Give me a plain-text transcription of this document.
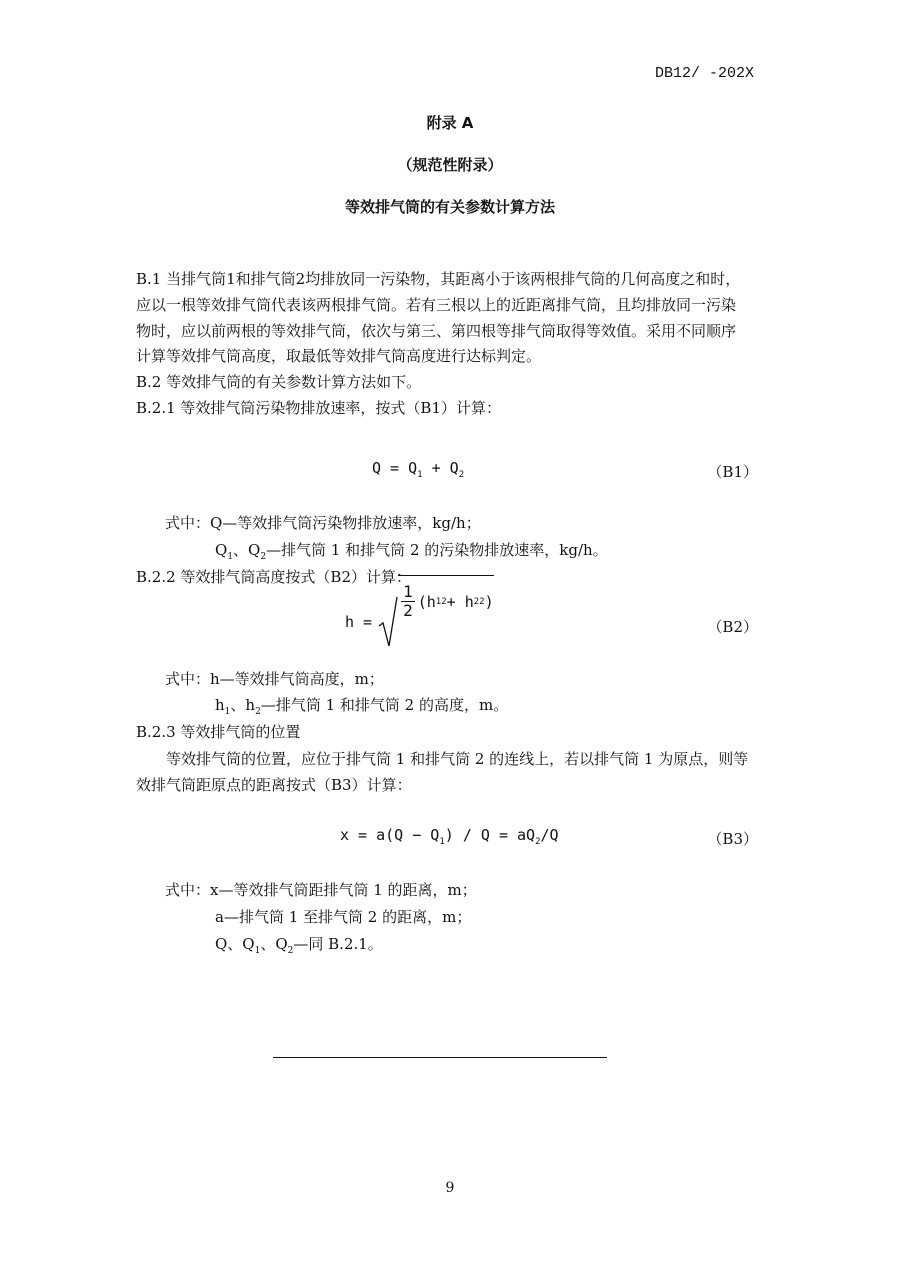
DB12/ -202X
附录 A
（规范性附录）
等效排气筒的有关参数计算方法
B.1 当排气筒1和排气筒2均排放同一污染物，其距离小于该两根排气筒的几何高度之和时，
应以一根等效排气筒代表该两根排气筒。若有三根以上的近距离排气筒，且均排放同一污染
物时，应以前两根的等效排气筒，依次与第三、第四根等排气筒取得等效值。采用不同顺序
计算等效排气筒高度，取最低等效排气筒高度进行达标判定。
B.2 等效排气筒的有关参数计算方法如下。
B.2.1 等效排气筒污染物排放速率，按式（B1）计算：
$Q = Q_1 + Q_2$	（B1）
式中：Q—等效排气筒污染物排放速率，kg/h；
$Q_1$、$Q_2—$排气筒 1 和排气筒 2 的污染物排放速率，kg/h。
B.2.2 等效排气筒高度按式（B2）计算：
h =
$\frac{1}{2} (h$ 1 2 + h 2 2 )
（B2）
式中：h—等效排气筒高度，m；
$h_1$、$h_2—$排气筒 1 和排气筒 2 的高度，m。
B.2.3 等效排气筒的位置
等效排气筒的位置，应位于排气筒 1 和排气筒 2 的连线上，若以排气筒 1 为原点，则等
效排气筒距原点的距离按式（B3）计算：
$x = a(Q - Q_1) / Q = aQ_2/Q$	（B3）
式中：x—等效排气筒距排气筒 1 的距离，m；
a—排气筒 1 至排气筒 2 的距离，m；
Q、$Q_1$、$Q_2—$同 B.2.1。
9
